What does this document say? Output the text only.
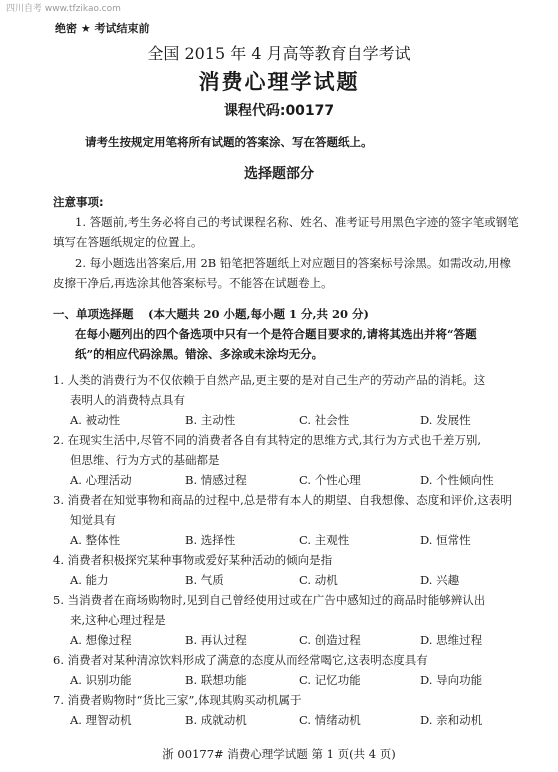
四川自考 www.tfzikao.com
绝密 ★ 考试结束前
全国 2015 年 4 月高等教育自学考试
消费心理学试题
课程代码:00177
请考生按规定用笔将所有试题的答案涂、写在答题纸上。
选择题部分
注意事项:
1. 答题前,考生务必将自己的考试课程名称、姓名、准考证号用黑色字迹的签字笔或钢笔
填写在答题纸规定的位置上。
2. 每小题选出答案后,用 2B 铅笔把答题纸上对应题目的答案标号涂黑。如需改动,用橡
皮擦干净后,再选涂其他答案标号。不能答在试题卷上。
一、单项选择题 (本大题共 20 小题,每小题 1 分,共 20 分)
在每小题列出的四个备选项中只有一个是符合题目要求的,请将其选出并将“答题
纸”的相应代码涂黑。错涂、多涂或未涂均无分。
1. 人类的消费行为不仅依赖于自然产品,更主要的是对自己生产的劳动产品的消耗。这
表明人的消费特点具有
A. 被动性	B. 主动性	C. 社会性	D. 发展性
2. 在现实生活中,尽管不同的消费者各自有其特定的思维方式,其行为方式也千差万别,
但思维、行为方式的基础都是
A. 心理活动	B. 情感过程	C. 个性心理	D. 个性倾向性
3. 消费者在知觉事物和商品的过程中,总是带有本人的期望、自我想像、态度和评价,这表明
知觉具有
A. 整体性	B. 选择性	C. 主观性	D. 恒常性
4. 消费者积极探究某种事物或爱好某种活动的倾向是指
A. 能力	B. 气质	C. 动机	D. 兴趣
5. 当消费者在商场购物时,见到自己曾经使用过或在广告中感知过的商品时能够辨认出
来,这种心理过程是
A. 想像过程	B. 再认过程	C. 创造过程	D. 思维过程
6. 消费者对某种清凉饮料形成了满意的态度从而经常喝它,这表明态度具有
A. 识别功能	B. 联想功能	C. 记忆功能	D. 导向功能
7. 消费者购物时“货比三家”,体现其购买动机属于
A. 理智动机	B. 成就动机	C. 情绪动机	D. 亲和动机
浙 00177# 消费心理学试题 第 1 页(共 4 页)
